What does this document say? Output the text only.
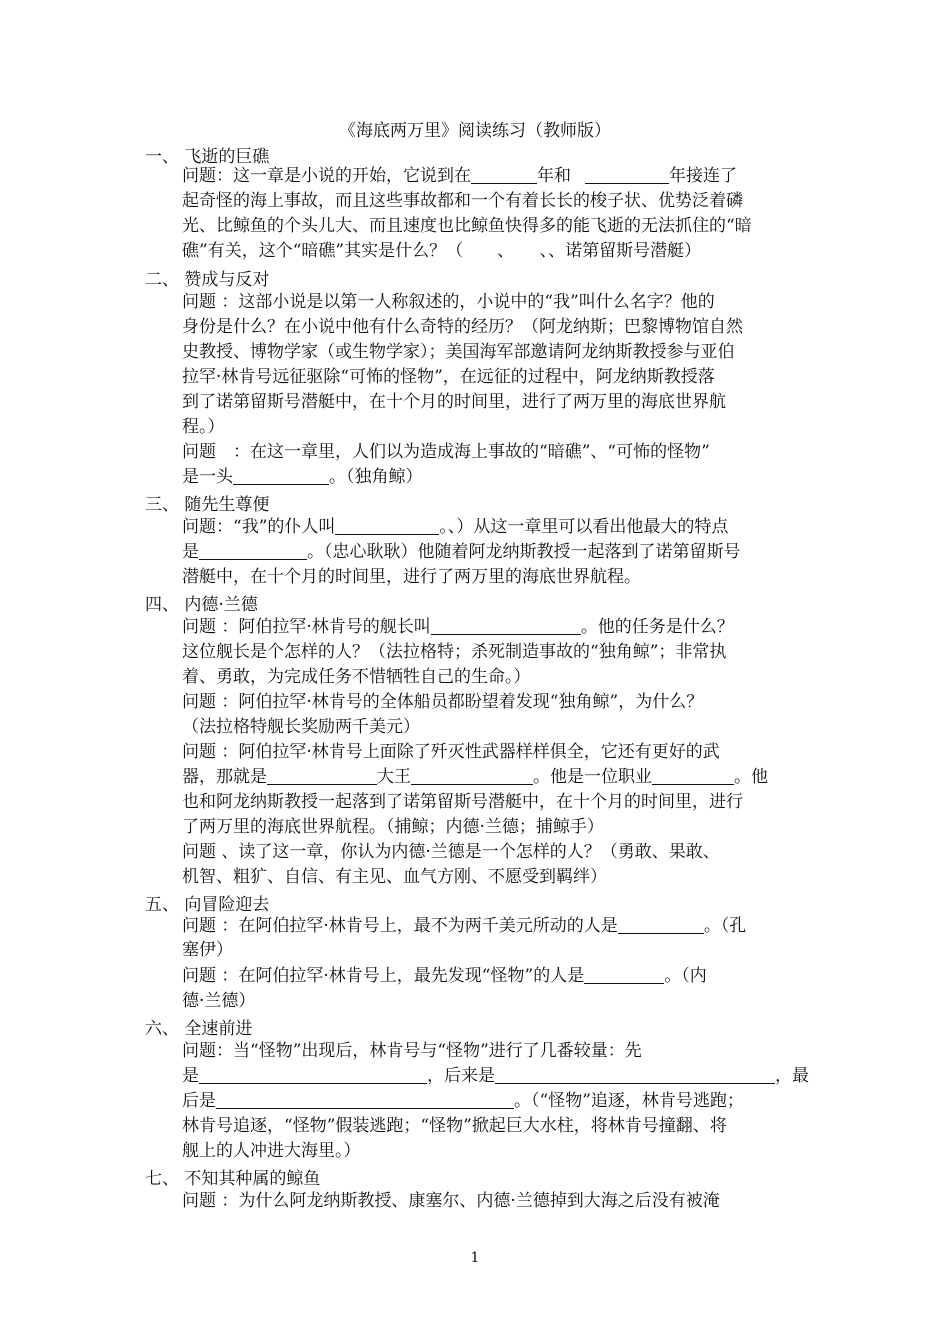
《海底两万里》阅读练习（教师版）
一、 飞逝的巨礁
问题：这一章是小说的开始，它说到在	年和	年接连了
起奇怪的海上事故，而且这些事故都和一个有着长长的梭子状、优势泛着磷
光、比鲸鱼的个头儿大、而且速度也比鲸鱼快得多的能飞逝的无法抓住的“暗
礁”有关，这个“暗礁”其实是什么？（　　、　　、、诺第留斯号潜艇）
二、 赞成与反对
问题 ：这部小说是以第一人称叙述的，小说中的“我”叫什么名字？他的
身份是什么？在小说中他有什么奇特的经历？（阿龙纳斯；巴黎博物馆自然
史教授、博物学家（或生物学家）；美国海军部邀请阿龙纳斯教授参与亚伯
拉罕·林肯号远征驱除“可怖的怪物”，在远征的过程中，阿龙纳斯教授落
到了诺第留斯号潜艇中，在十个月的时间里，进行了两万里的海底世界航
程。）
问题　：在这一章里，人们以为造成海上事故的“暗礁”、“可怖的怪物”
是一头	。（独角鲸）
三、 随先生尊便
问题：“我”的仆人叫	。、）从这一章里可以看出他最大的特点
是	。（忠心耿耿）他随着阿龙纳斯教授一起落到了诺第留斯号
潜艇中，在十个月的时间里，进行了两万里的海底世界航程。
四、 内德·兰德
问题 ：阿伯拉罕·林肯号的舰长叫	。他的任务是什么？
这位舰长是个怎样的人？（法拉格特；杀死制造事故的“独角鲸”；非常执
着、勇敢，为完成任务不惜牺牲自己的生命。）
问题 ：阿伯拉罕·林肯号的全体船员都盼望着发现“独角鲸”，为什么？
（法拉格特舰长奖励两千美元）
问题 ：阿伯拉罕·林肯号上面除了歼灭性武器样样俱全，它还有更好的武
器，那就是	大王	。他是一位职业	。他
也和阿龙纳斯教授一起落到了诺第留斯号潜艇中，在十个月的时间里，进行
了两万里的海底世界航程。（捕鲸；内德·兰德；捕鲸手）
问题 、读了这一章，你认为内德·兰德是一个怎样的人？（勇敢、果敢、
机智、粗犷、自信、有主见、血气方刚、不愿受到羁绊）
五、 向冒险迎去
问题 ：在阿伯拉罕·林肯号上，最不为两千美元所动的人是	。（孔
塞伊）
问题 ：在阿伯拉罕·林肯号上，最先发现“怪物”的人是	。（内
德·兰德）
六、 全速前进
问题：当“怪物”出现后，林肯号与“怪物”进行了几番较量：先
是	，后来是	，最
后是	。（“怪物”追逐，林肯号逃跑；
林肯号追逐，“怪物”假装逃跑；“怪物”掀起巨大水柱，将林肯号撞翻、将
舰上的人冲进大海里。）
七、 不知其种属的鲸鱼
问题 ：为什么阿龙纳斯教授、康塞尔、内德·兰德掉到大海之后没有被淹
1
